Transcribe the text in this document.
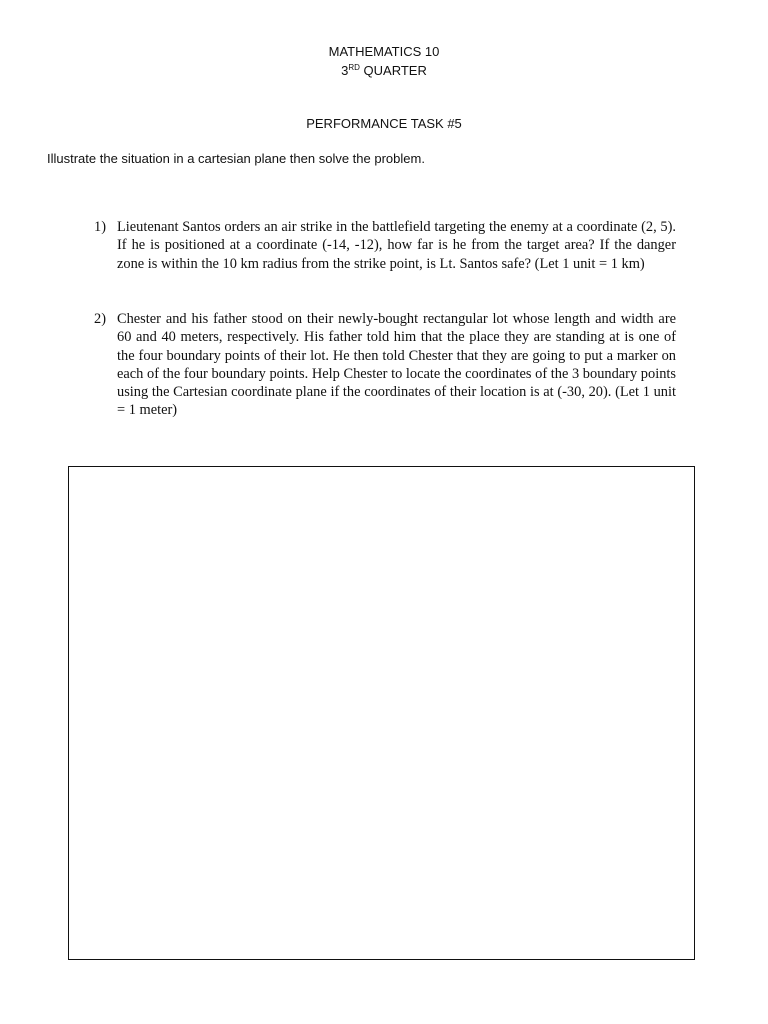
MATHEMATICS 10
3RD QUARTER
PERFORMANCE TASK #5
Illustrate the situation in a cartesian plane then solve the problem.
1) Lieutenant Santos orders an air strike in the battlefield targeting the enemy at a coordinate (2, 5). If he is positioned at a coordinate (-14, -12), how far is he from the target area? If the danger zone is within the 10 km radius from the strike point, is Lt. Santos safe? (Let 1 unit = 1 km)
2) Chester and his father stood on their newly-bought rectangular lot whose length and width are 60 and 40 meters, respectively. His father told him that the place they are standing at is one of the four boundary points of their lot. He then told Chester that they are going to put a marker on each of the four boundary points. Help Chester to locate the coordinates of the 3 boundary points using the Cartesian coordinate plane if the coordinates of their location is at (-30, 20). (Let 1 unit = 1 meter)
